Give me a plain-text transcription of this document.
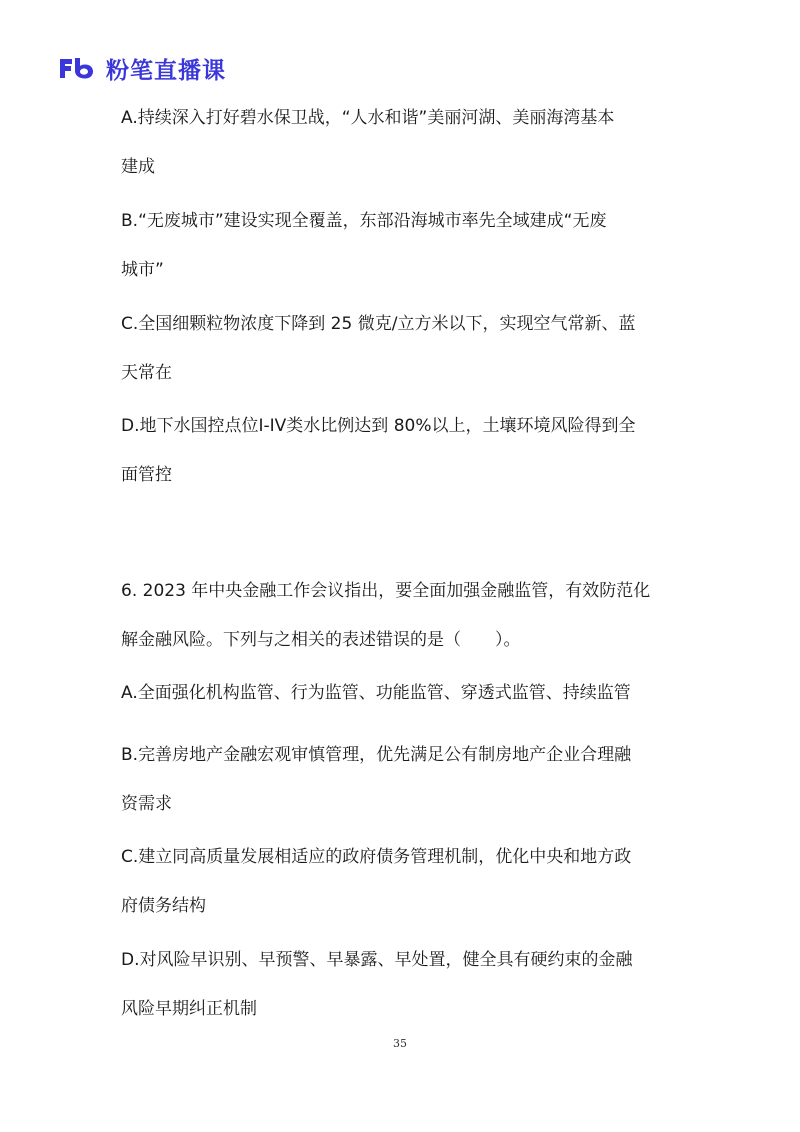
粉笔直播课
A.持续深入打好碧水保卫战，“人水和谐”美丽河湖、美丽海湾基本
建成
B.“无废城市”建设实现全覆盖，东部沿海城市率先全域建成“无废
城市”
C.全国细颗粒物浓度下降到 25 微克/立方米以下，实现空气常新、蓝
天常在
D.地下水国控点位Ⅰ-IV类水比例达到 80%以上，土壤环境风险得到全
面管控
6. 2023 年中央金融工作会议指出，要全面加强金融监管，有效防范化
解金融风险。下列与之相关的表述错误的是（　　）。
A.全面强化机构监管、行为监管、功能监管、穿透式监管、持续监管
B.完善房地产金融宏观审慎管理，优先满足公有制房地产企业合理融
资需求
C.建立同高质量发展相适应的政府债务管理机制，优化中央和地方政
府债务结构
D.对风险早识别、早预警、早暴露、早处置，健全具有硬约束的金融
风险早期纠正机制
35
